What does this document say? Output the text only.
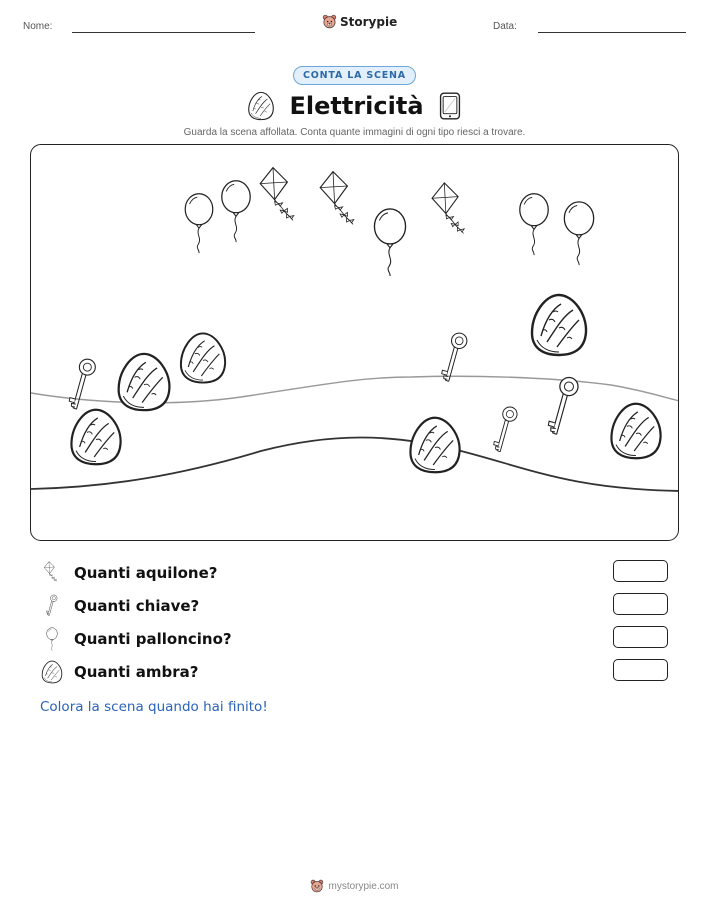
Nome:	Storypie	Data:
CONTA LA SCENA
Elettricità
Guarda la scena affollata. Conta quante immagini di ogni tipo riesci a trovare.
Quanti aquilone?
Quanti chiave?
Quanti palloncino?
Quanti ambra?
Colora la scena quando hai finito!
mystorypie.com
